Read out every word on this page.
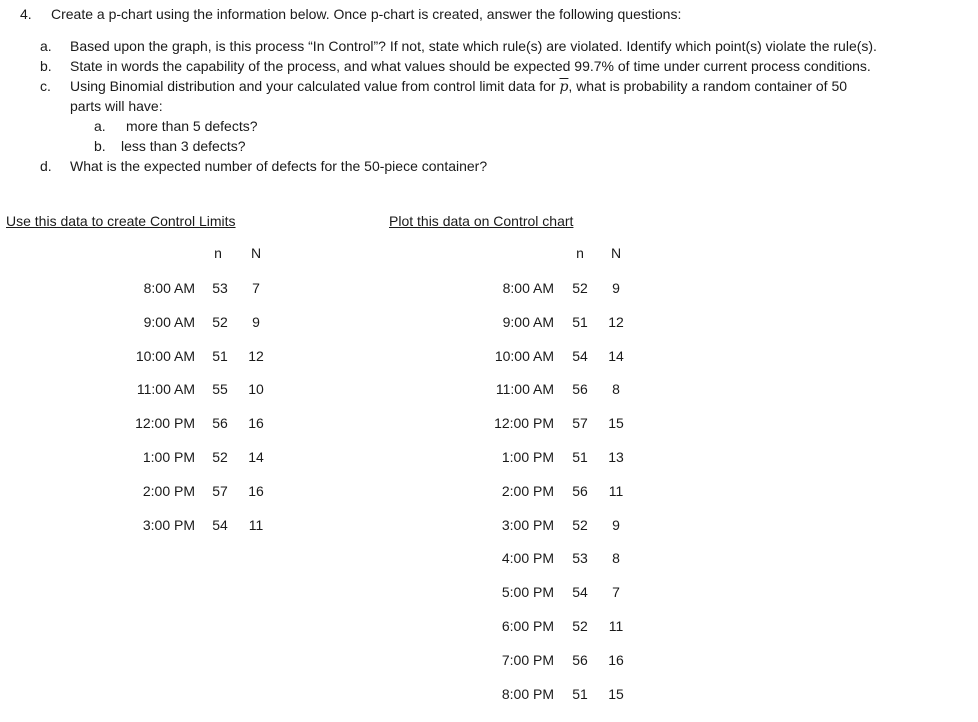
4. Create a p-chart using the information below. Once p-chart is created, answer the following questions:
a. Based upon the graph, is this process “In Control”? If not, state which rule(s) are violated. Identify which point(s) violate the rule(s).
b. State in words the capability of the process, and what values should be expected 99.7% of time under current process conditions.
c. Using Binomial distribution and your calculated value from control limit data for $\overline{p}$, what is probability a random container of 50
parts will have:
a. more than 5 defects?
b. less than 3 defects?
d. What is the expected number of defects for the 50-piece container?
Use this data to create Control Limits
n	N
8:00 AM	53	7
9:00 AM	52	9
10:00 AM	51	12
11:00 AM	55	10
12:00 PM	56	16
1:00 PM	52	14
2:00 PM	57	16
3:00 PM	54	11
Plot this data on Control chart
n	N
8:00 AM	52	9
9:00 AM	51	12
10:00 AM	54	14
11:00 AM	56	8
12:00 PM	57	15
1:00 PM	51	13
2:00 PM	56	11
3:00 PM	52	9
4:00 PM	53	8
5:00 PM	54	7
6:00 PM	52	11
7:00 PM	56	16
8:00 PM	51	15
